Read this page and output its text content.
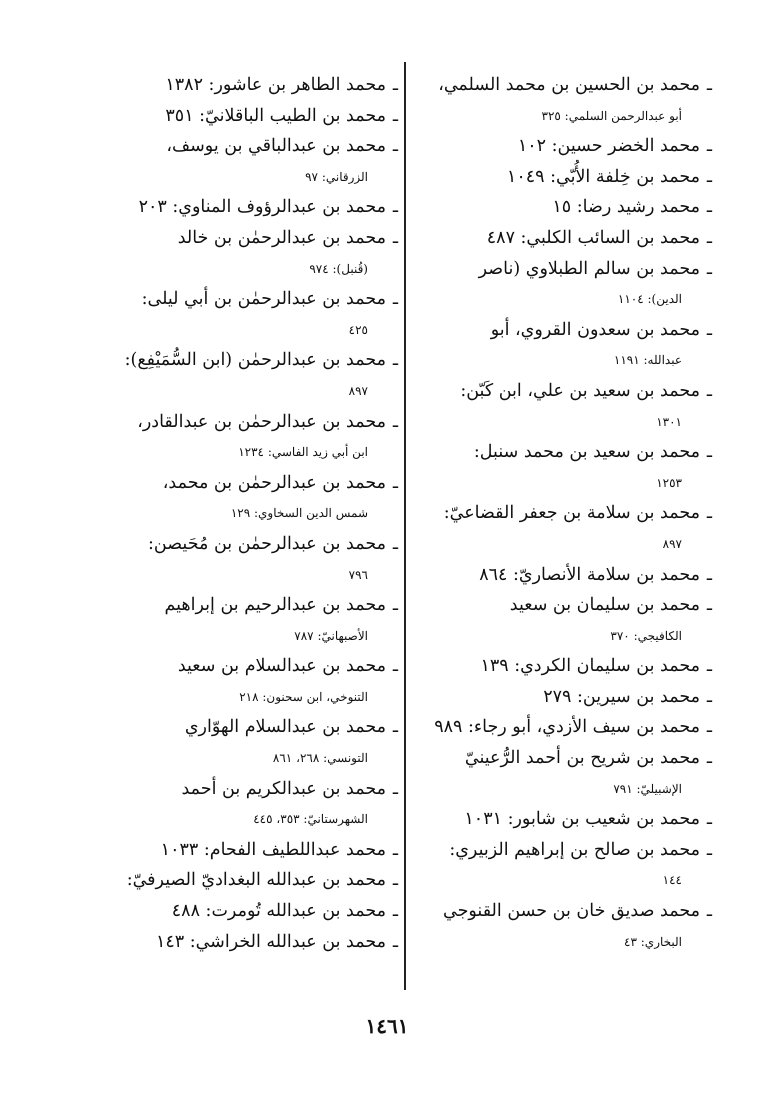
ـ
محمد بن الحسين بن محمد السلمي،
أبو عبدالرحمن السلمي: ٣٢٥
ـ
محمد الخضر حسين: ١٠٢
ـ
محمد بن خِلفة الأُبّي: ١٠٤٩
ـ
محمد رشيد رضا: ١٥
ـ
محمد بن السائب الكلبي: ٤٨٧
ـ
محمد بن سالم الطبلاوي (ناصر
الدين): ١١٠٤
ـ
محمد بن سعدون القروي، أبو
عبدالله: ١١٩١
ـ
محمد بن سعيد بن علي، ابن كَبّن:
١٣٠١
ـ
محمد بن سعيد بن محمد سنبل:
١٢٥٣
ـ
محمد بن سلامة بن جعفر القضاعيّ:
٨٩٧
ـ
محمد بن سلامة الأنصاريّ: ٨٦٤
ـ
محمد بن سليمان بن سعيد
الكافيجي: ٣٧٠
ـ
محمد بن سليمان الكردي: ١٣٩
ـ
محمد بن سيرين: ٢٧٩
ـ
محمد بن سيف الأزدي، أبو رجاء: ٩٨٩
ـ
محمد بن شريح بن أحمد الرُّعينيّ
الإشبيليّ: ٧٩١
ـ
محمد بن شعيب بن شابور: ١٠٣١
ـ
محمد بن صالح بن إبراهيم الزبيري:
١٤٤
ـ
محمد صديق خان بن حسن القنوجي
البخاري: ٤٣
ـ
محمد الطاهر بن عاشور: ١٣٨٢
ـ
محمد بن الطيب الباقلانيّ: ٣٥١
ـ
محمد بن عبدالباقي بن يوسف،
الزرقاني: ٩٧
ـ
محمد بن عبدالرؤوف المناوي: ٢٠٣
ـ
محمد بن عبدالرحمٰن بن خالد
(قُنبل): ٩٧٤
ـ
محمد بن عبدالرحمٰن بن أبي ليلى:
٤٢٥
ـ
محمد بن عبدالرحمٰن (ابن السُّمَيْفِع):
٨٩٧
ـ
محمد بن عبدالرحمٰن بن عبدالقادر،
ابن أبي زيد الفاسي: ١٢٣٤
ـ
محمد بن عبدالرحمٰن بن محمد،
شمس الدين السخاوي: ١٢٩
ـ
محمد بن عبدالرحمٰن بن مُحَيصن:
٧٩٦
ـ
محمد بن عبدالرحيم بن إبراهيم
الأصبهانيّ: ٧٨٧
ـ
محمد بن عبدالسلام بن سعيد
التنوخي، ابن سحنون: ٢١٨
ـ
محمد بن عبدالسلام الهوّاري
التونسي: ٢٦٨، ٨٦١
ـ
محمد بن عبدالكريم بن أحمد
الشهرستانيّ: ٣٥٣، ٤٤٥
ـ
محمد عبداللطيف الفحام: ١٠٣٣
ـ
محمد بن عبدالله البغداديّ الصيرفيّ:
ـ
محمد بن عبدالله تُومرت: ٤٨٨
ـ
محمد بن عبدالله الخراشي: ١٤٣
١٤٦١
